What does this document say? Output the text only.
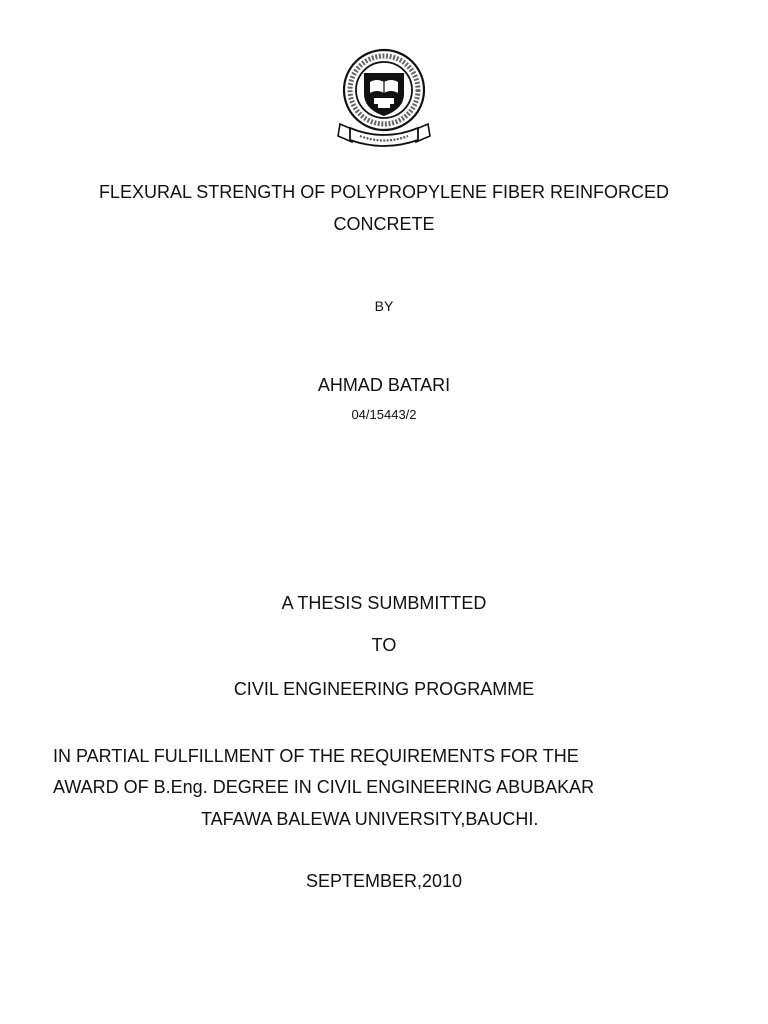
FLEXURAL STRENGTH OF POLYPROPYLENE FIBER REINFORCED
CONCRETE
BY
AHMAD BATARI
04/15443/2
A THESIS SUMBMITTED
TO
CIVIL ENGINEERING PROGRAMME
IN PARTIAL FULFILLMENT OF THE REQUIREMENTS FOR THE
AWARD OF B.Eng. DEGREE IN CIVIL ENGINEERING ABUBAKAR
TAFAWA BALEWA UNIVERSITY,BAUCHI.
SEPTEMBER,2010
